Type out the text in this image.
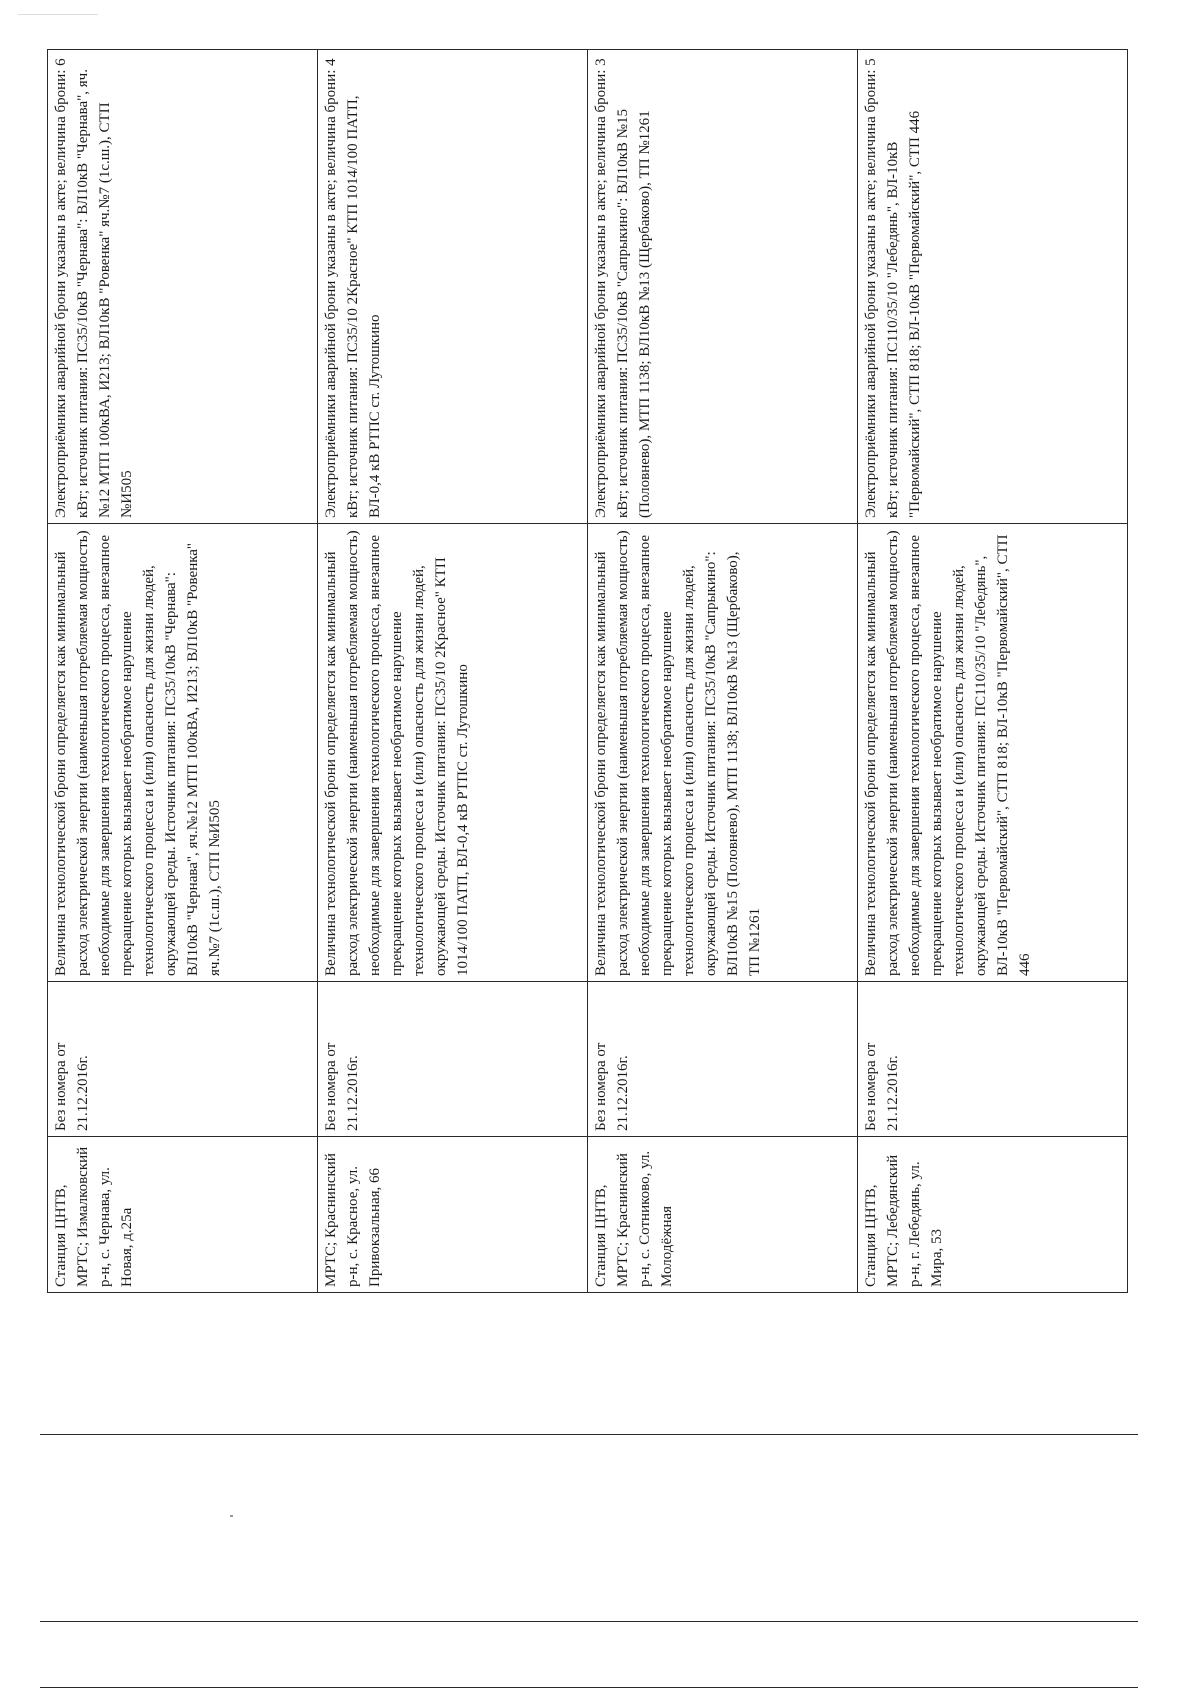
Станция ЦНТВ, МРТС; Измалковский р-н, с. Чернава, ул. Новая, д.25а	Без номера от 21.12.2016г.	Величина технологической брони определяется как минимальный расход электрической энергии (наименьшая потребляемая мощность) необходимые для завершения технологического процесса, внезапное прекращение которых вызывает необратимое нарушение технологического процесса и (или) опасность для жизни людей, окружающей среды. Источник питания: ПС35/10кВ "Чернава": ВЛ10кВ "Чернава", яч.№12 МТП 100кВА, И213; ВЛ10кВ "Ровенка" яч.№7 (1с.ш.), СТП №И505	Электроприёмники аварийной брони указаны в акте; величина брони: 6 кВт; источник питания: ПС35/10кВ "Чернава": ВЛ10кВ "Чернава", яч.№12 МТП 100кВА, И213; ВЛ10кВ "Ровенка" яч.№7 (1с.ш.), СТП №И505
МРТС; Краснинский р-н, с. Красное, ул. Привокзальная, 66	Без номера от 21.12.2016г.	Величина технологической брони определяется как минимальный расход электрической энергии (наименьшая потребляемая мощность) необходимые для завершения технологического процесса, внезапное прекращение которых вызывает необратимое нарушение технологического процесса и (или) опасность для жизни людей, окружающей среды. Источник питания: ПС35/10 2Красное" КТП 1014/100 ПАТП, ВЛ-0,4 кВ РТПС ст. Лутошкино	Электроприёмники аварийной брони указаны в акте; величина брони: 4 кВт; источник питания: ПС35/10 2Красное" КТП 1014/100 ПАТП, ВЛ-0,4 кВ РТПС ст. Лутошкино
Станция ЦНТВ, МРТС; Краснинский р-н, с. Сотниково, ул. Молодёжная	Без номера от 21.12.2016г.	Величина технологической брони определяется как минимальный расход электрической энергии (наименьшая потребляемая мощность) необходимые для завершения технологического процесса, внезапное прекращение которых вызывает необратимое нарушение технологического процесса и (или) опасность для жизни людей, окружающей среды. Источник питания: ПС35/10кВ "Сапрыкино": ВЛ10кВ №15 (Половнево), МТП 1138; ВЛ10кВ №13 (Щербаково), ТП №1261	Электроприёмники аварийной брони указаны в акте; величина брони: 3 кВт; источник питания: ПС35/10кВ "Сапрыкино": ВЛ10кВ №15 (Половнево), МТП 1138; ВЛ10кВ №13 (Щербаково), ТП №1261
Станция ЦНТВ, МРТС; Лебедянский р-н, г. Лебедянь, ул. Мира, 53	Без номера от 21.12.2016г.	Величина технологической брони определяется как минимальный расход электрической энергии (наименьшая потребляемая мощность) необходимые для завершения технологического процесса, внезапное прекращение которых вызывает необратимое нарушение технологического процесса и (или) опасность для жизни людей, окружающей среды. Источник питания: ПС110/35/10 "Лебедянь", ВЛ-10кВ "Первомайский", СТП 818; ВЛ-10кВ "Первомайский", СТП 446	Электроприёмники аварийной брони указаны в акте; величина брони: 5 кВт; источник питания: ПС110/35/10 "Лебедянь", ВЛ-10кВ "Первомайский", СТП 818; ВЛ-10кВ "Первомайский", СТП 446
